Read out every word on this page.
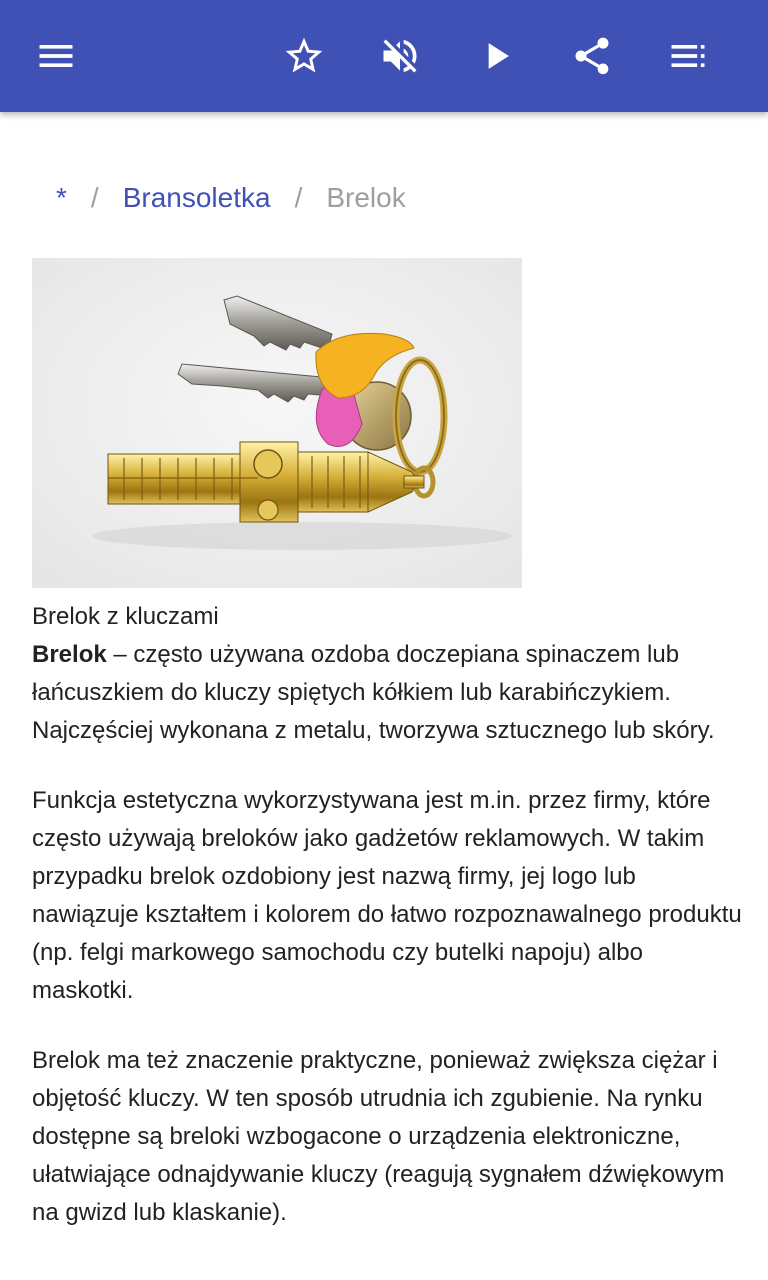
* / Bransoletka / Brelok

Brelok z kluczami

Brelok – często używana ozdoba doczepiana spinaczem lub łańcuszkiem do kluczy spiętych kółkiem lub karabińczykiem. Najczęściej wykonana z metalu, tworzywa sztucznego lub skóry.

Funkcja estetyczna wykorzystywana jest m.in. przez firmy, które często używają breloków jako gadżetów reklamowych. W takim przypadku brelok ozdobiony jest nazwą firmy, jej logo lub nawiązuje kształtem i kolorem do łatwo rozpoznawalnego produktu (np. felgi markowego samochodu czy butelki napoju) albo maskotki.

Brelok ma też znaczenie praktyczne, ponieważ zwiększa ciężar i objętość kluczy. W ten sposób utrudnia ich zgubienie. Na rynku dostępne są breloki wzbogacone o urządzenia elektroniczne, ułatwiające odnajdywanie kluczy (reagują sygnałem dźwiękowym na gwizd lub klaskanie).
